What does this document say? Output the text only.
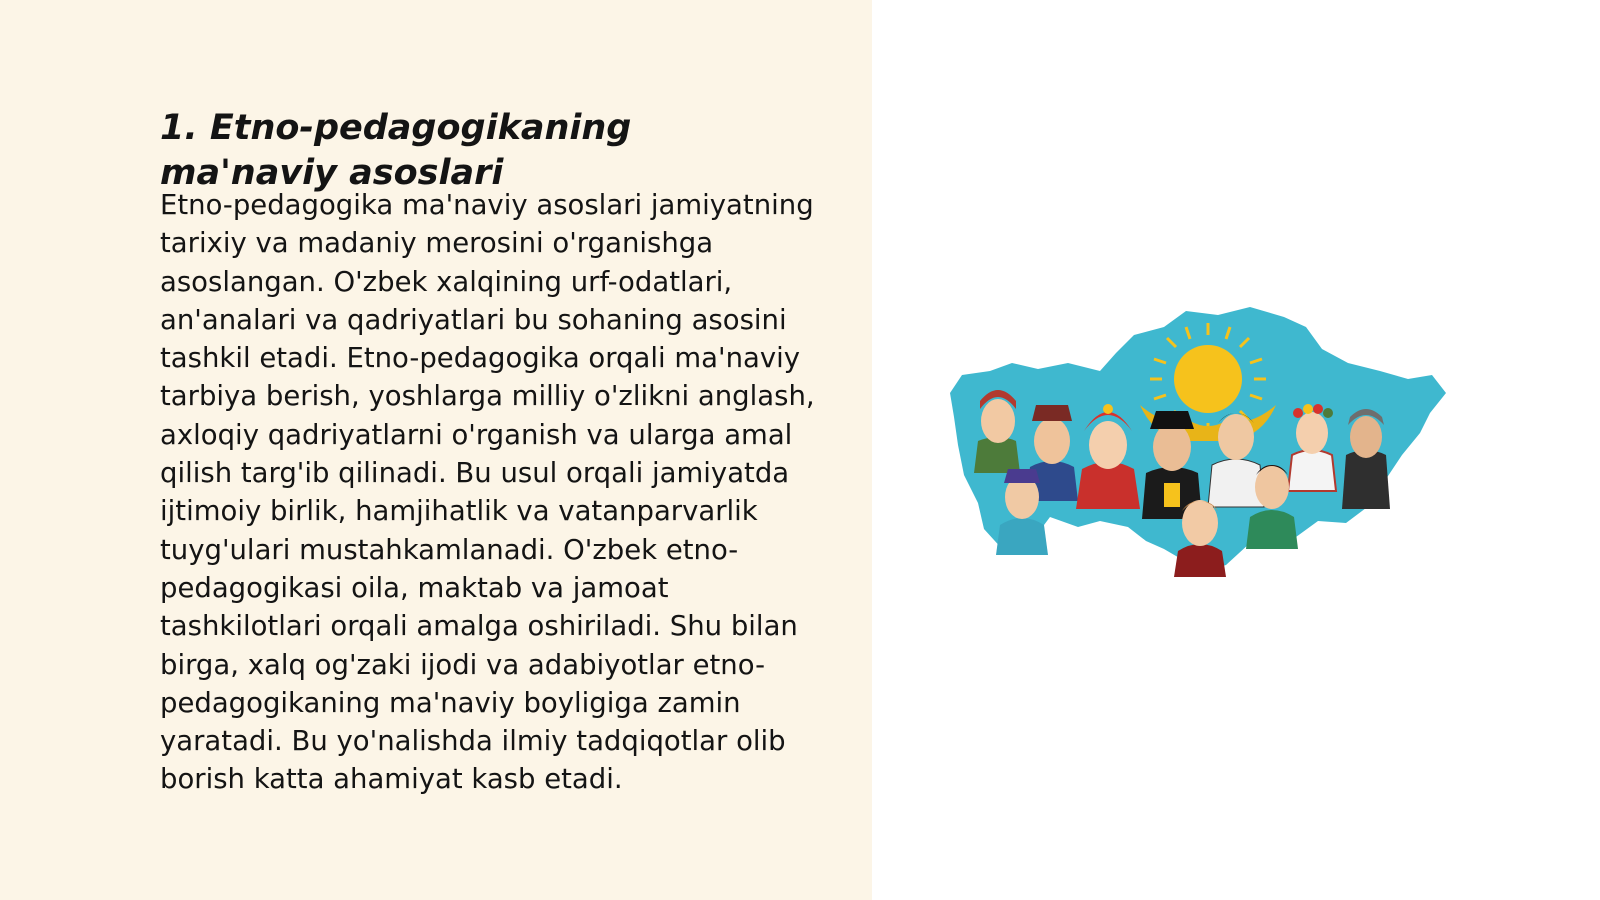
1. Etno-pedagogikaning ma'naviy asoslari

Etno-pedagogika ma'naviy asoslari jamiyatning tarixiy va madaniy merosini o'rganishga asoslangan. O'zbek xalqining urf-odatlari, an'analari va qadriyatlari bu sohaning asosini tashkil etadi. Etno-pedagogika orqali ma'naviy tarbiya berish, yoshlarga milliy o'zlikni anglash, axloqiy qadriyatlarni o'rganish va ularga amal qilish targ'ib qilinadi. Bu usul orqali jamiyatda ijtimoiy birlik, hamjihatlik va vatanparvarlik tuyg'ulari mustahkamlanadi. O'zbek etno-pedagogikasi oila, maktab va jamoat tashkilotlari orqali amalga oshiriladi. Shu bilan birga, xalq og'zaki ijodi va adabiyotlar etno-pedagogikaning ma'naviy boyligiga zamin yaratadi. Bu yo'nalishda ilmiy tadqiqotlar olib borish katta ahamiyat kasb etadi.
